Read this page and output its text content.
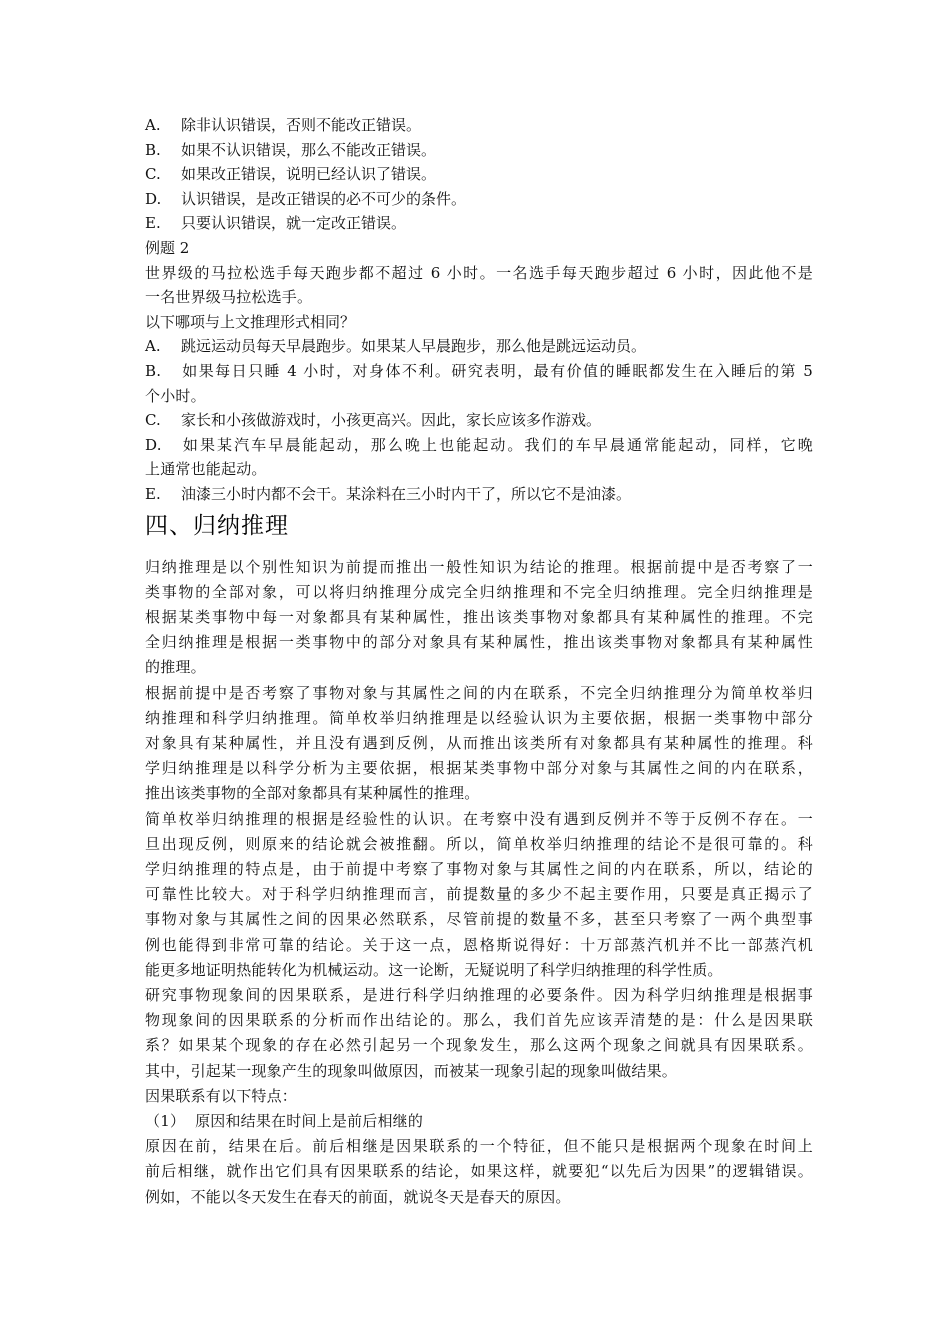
A. 除非认识错误，否则不能改正错误。
B. 如果不认识错误，那么不能改正错误。
C. 如果改正错误，说明已经认识了错误。
D. 认识错误，是改正错误的必不可少的条件。
E. 只要认识错误，就一定改正错误。
例题 2
世界级的马拉松选手每天跑步都不超过 6 小时。一名选手每天跑步超过 6 小时，因此他不是
一名世界级马拉松选手。
以下哪项与上文推理形式相同？
A. 跳远运动员每天早晨跑步。如果某人早晨跑步，那么他是跳远运动员。
B. 如果每日只睡 4 小时，对身体不利。研究表明，最有价值的睡眠都发生在入睡后的第 5
个小时。
C. 家长和小孩做游戏时，小孩更高兴。因此，家长应该多作游戏。
D. 如果某汽车早晨能起动，那么晚上也能起动。我们的车早晨通常能起动，同样，它晚
上通常也能起动。
E. 油漆三小时内都不会干。某涂料在三小时内干了，所以它不是油漆。
四、归纳推理
归纳推理是以个别性知识为前提而推出一般性知识为结论的推理。根据前提中是否考察了一
类事物的全部对象，可以将归纳推理分成完全归纳推理和不完全归纳推理。完全归纳推理是
根据某类事物中每一对象都具有某种属性，推出该类事物对象都具有某种属性的推理。不完
全归纳推理是根据一类事物中的部分对象具有某种属性，推出该类事物对象都具有某种属性
的推理。
根据前提中是否考察了事物对象与其属性之间的内在联系，不完全归纳推理分为简单枚举归
纳推理和科学归纳推理。简单枚举归纳推理是以经验认识为主要依据，根据一类事物中部分
对象具有某种属性，并且没有遇到反例，从而推出该类所有对象都具有某种属性的推理。科
学归纳推理是以科学分析为主要依据，根据某类事物中部分对象与其属性之间的内在联系，
推出该类事物的全部对象都具有某种属性的推理。
简单枚举归纳推理的根据是经验性的认识。在考察中没有遇到反例并不等于反例不存在。一
旦出现反例，则原来的结论就会被推翻。所以，简单枚举归纳推理的结论不是很可靠的。科
学归纳推理的特点是，由于前提中考察了事物对象与其属性之间的内在联系，所以，结论的
可靠性比较大。对于科学归纳推理而言，前提数量的多少不起主要作用，只要是真正揭示了
事物对象与其属性之间的因果必然联系，尽管前提的数量不多，甚至只考察了一两个典型事
例也能得到非常可靠的结论。关于这一点，恩格斯说得好：十万部蒸汽机并不比一部蒸汽机
能更多地证明热能转化为机械运动。这一论断，无疑说明了科学归纳推理的科学性质。
研究事物现象间的因果联系，是进行科学归纳推理的必要条件。因为科学归纳推理是根据事
物现象间的因果联系的分析而作出结论的。那么，我们首先应该弄清楚的是：什么是因果联
系？如果某个现象的存在必然引起另一个现象发生，那么这两个现象之间就具有因果联系。
其中，引起某一现象产生的现象叫做原因，而被某一现象引起的现象叫做结果。
因果联系有以下特点：
（1）  原因和结果在时间上是前后相继的
原因在前，结果在后。前后相继是因果联系的一个特征，但不能只是根据两个现象在时间上
前后相继，就作出它们具有因果联系的结论，如果这样，就要犯“以先后为因果”的逻辑错误。
例如，不能以冬天发生在春天的前面，就说冬天是春天的原因。
